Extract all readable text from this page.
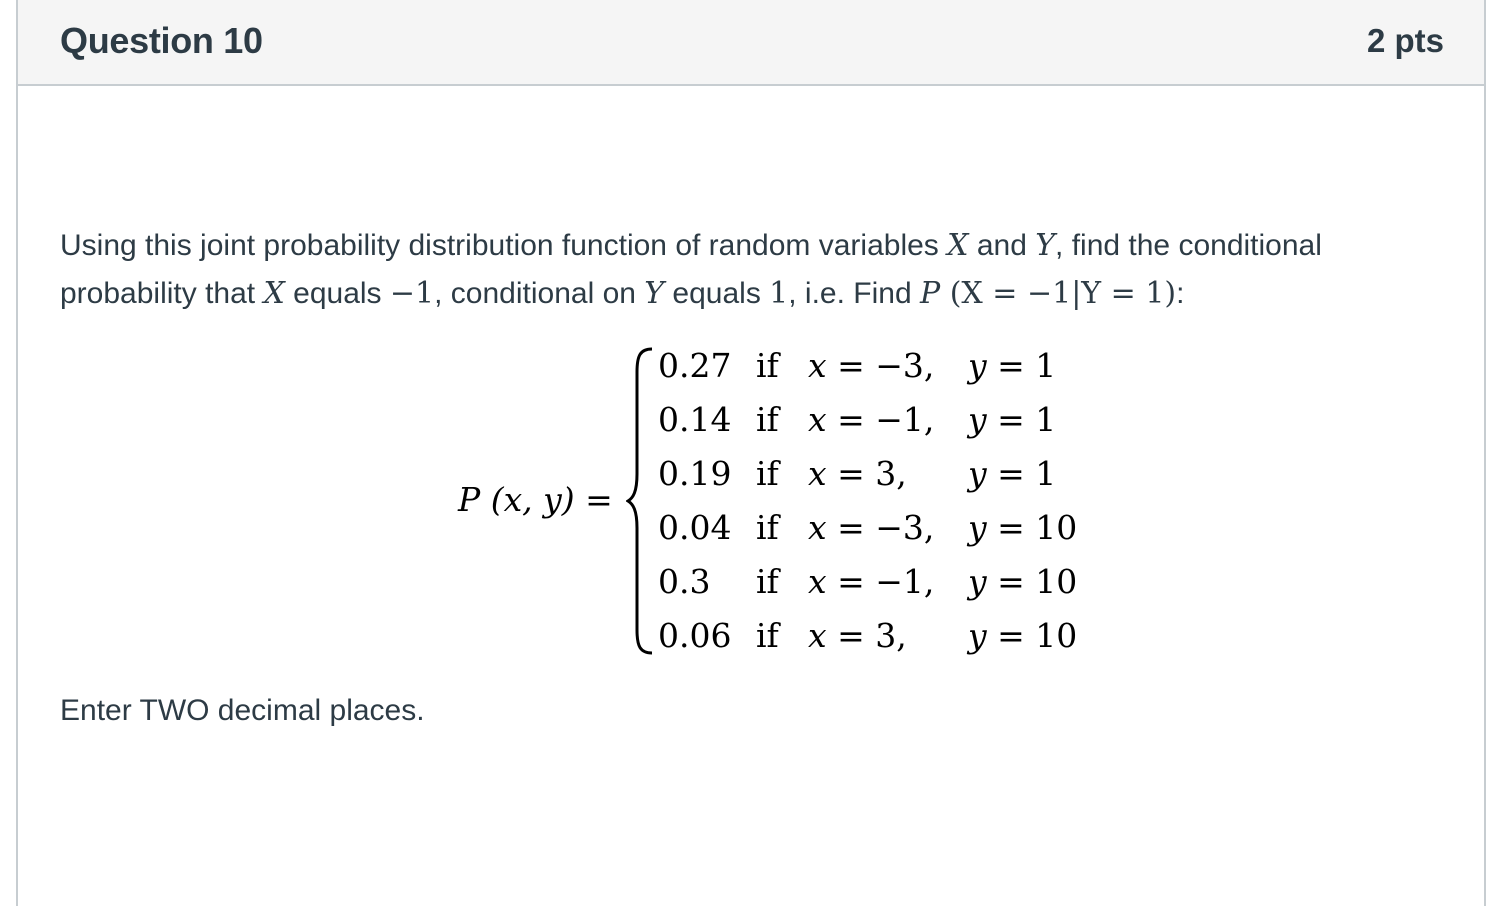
Question 10	2 pts
Using this joint probability distribution function of random variables X and Y, find the conditional
probability that X equals −1, conditional on Y equals 1, i.e. Find P (X = −1|Y = 1):
P (x, y) =
0.27 if x = −3, y = 1
0.14 if x = −1, y = 1
0.19 if x = 3, y = 1
0.04 if x = −3, y = 10
0.3 if x = −1, y = 10
0.06 if x = 3, y = 10
Enter TWO decimal places.
